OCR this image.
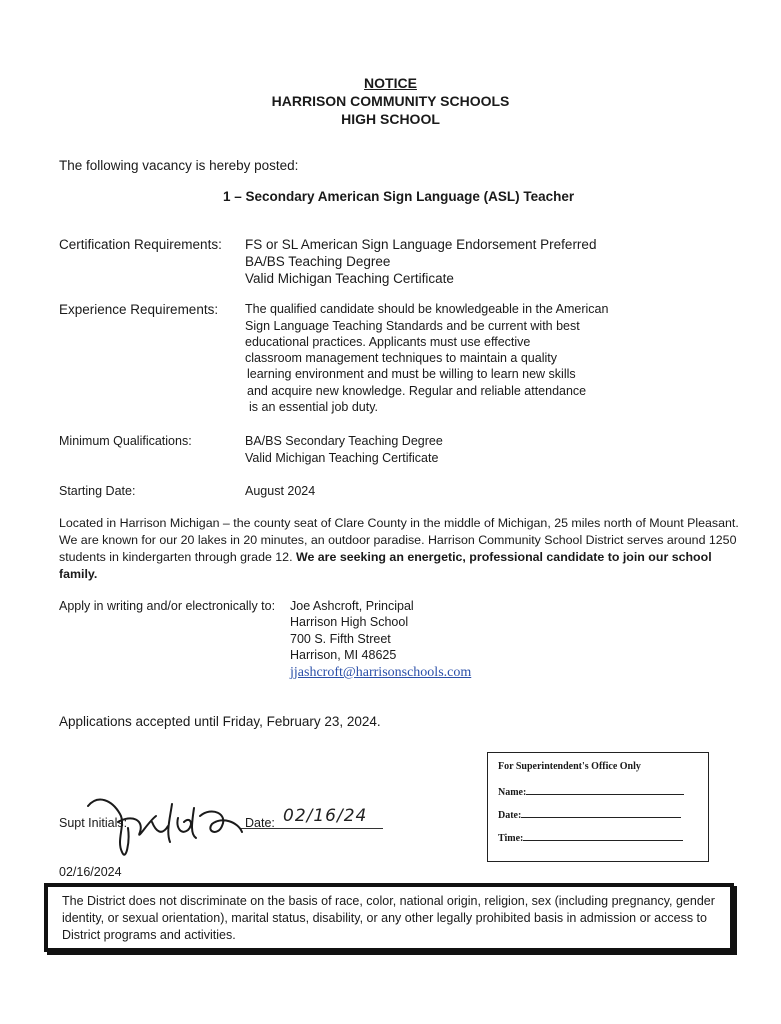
NOTICE
HARRISON COMMUNITY SCHOOLS
HIGH SCHOOL
The following vacancy is hereby posted:
1 – Secondary American Sign Language (ASL) Teacher
Certification Requirements: FS or SL American Sign Language Endorsement Preferred
BA/BS Teaching Degree
Valid Michigan Teaching Certificate
Experience Requirements: The qualified candidate should be knowledgeable in the American
Sign Language Teaching Standards and be current with best
educational practices. Applicants must use effective
classroom management techniques to maintain a quality
learning environment and must be willing to learn new skills
and acquire new knowledge. Regular and reliable attendance
is an essential job duty.
Minimum Qualifications:	BA/BS Secondary Teaching Degree
Valid Michigan Teaching Certificate
Starting Date:	August 2024
Located in Harrison Michigan – the county seat of Clare County in the middle of Michigan, 25 miles north of Mount Pleasant.
We are known for our 20 lakes in 20 minutes, an outdoor paradise. Harrison Community School District serves around 1250
students in kindergarten through grade 12. We are seeking an energetic, professional candidate to join our school family.
Apply in writing and/or electronically to: Joe Ashcroft, Principal
Harrison High School
700 S. Fifth Street
Harrison, MI 48625
jjashcroft@harrisonschools.com
Applications accepted until Friday, February 23, 2024.
For Superintendent's Office Only
Name:
Date:
Time:
Supt Initials:	Date: 02/16/24
02/16/2024
The District does not discriminate on the basis of race, color, national origin, religion, sex (including pregnancy, gender identity, or sexual orientation), marital status, disability, or any other legally prohibited basis in admission or access to District programs and activities.
